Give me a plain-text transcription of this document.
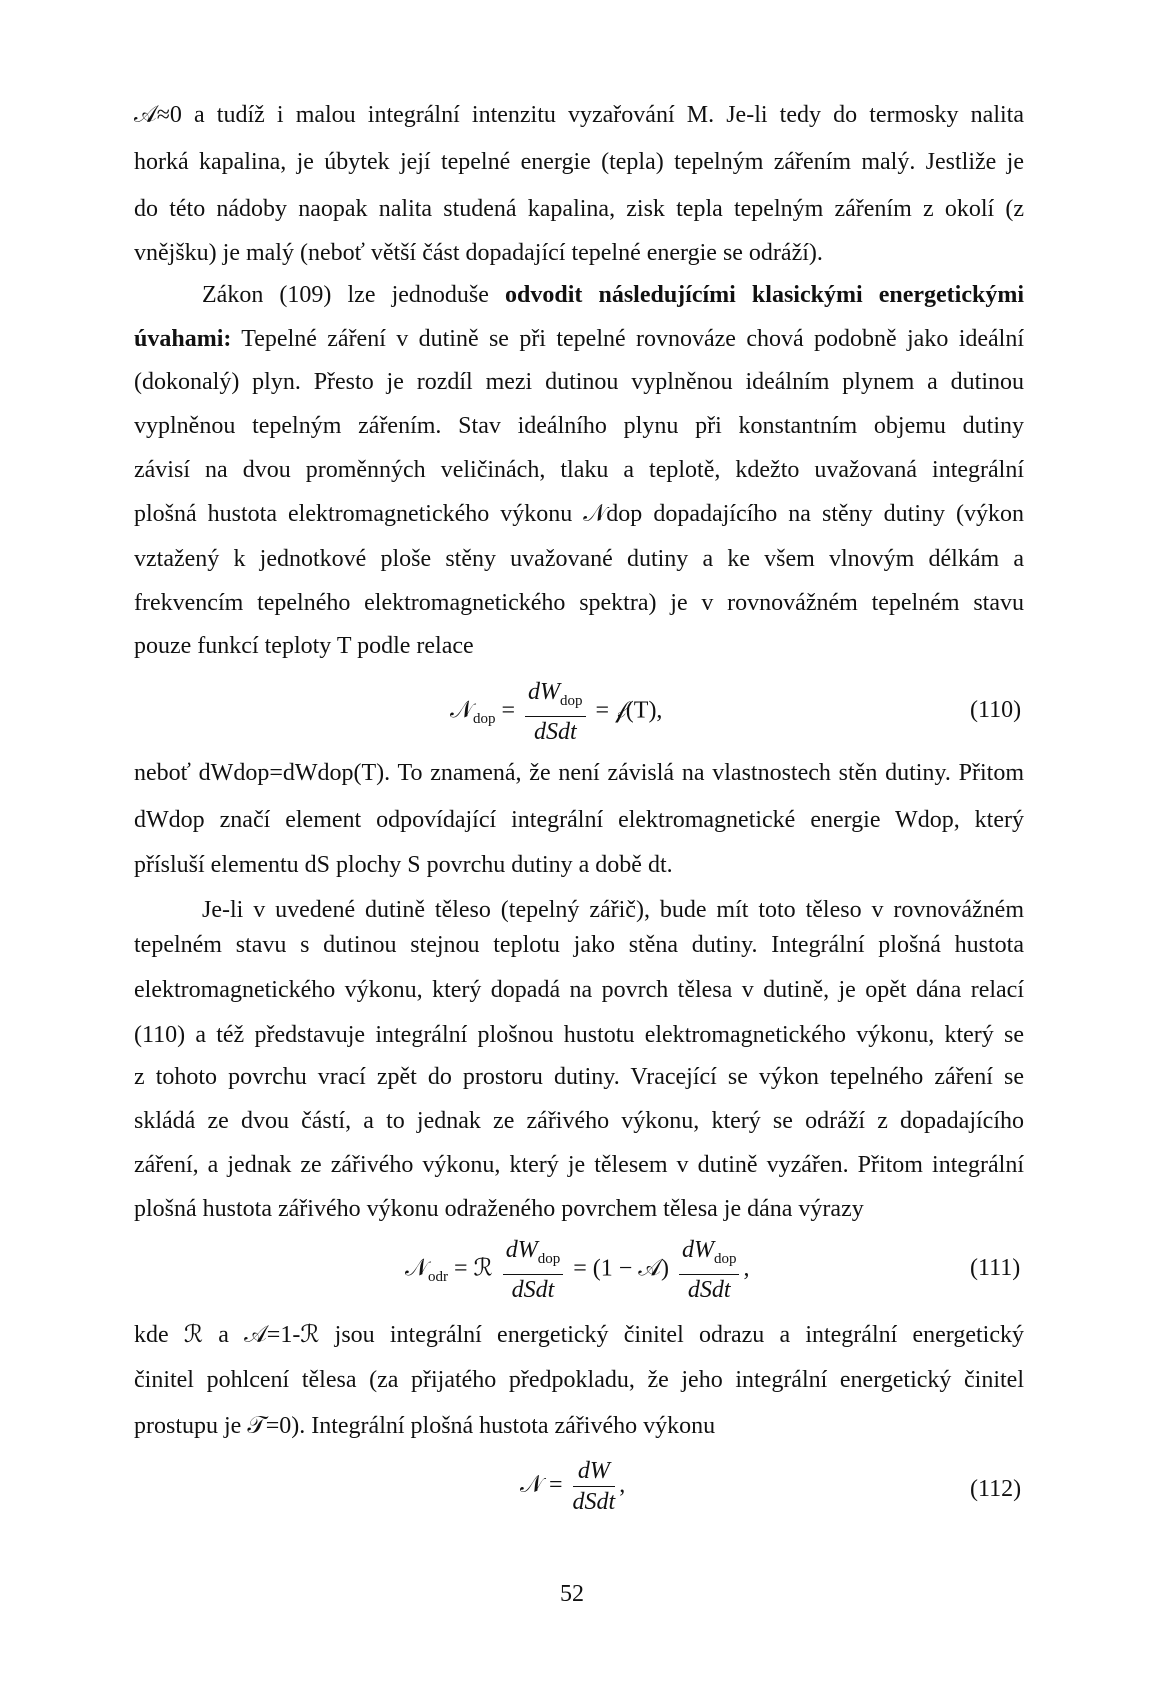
𝒜≈0 a tudíž i malou integrální intenzitu vyzařování M. Je-li tedy do termosky nalita
horká kapalina, je úbytek její tepelné energie (tepla) tepelným zářením malý. Jestliže je
do této nádoby naopak nalita studená kapalina, zisk tepla tepelným zářením z okolí (z
vnějšku) je malý (neboť větší část dopadající tepelné energie se odráží).
Zákon (109) lze jednoduše odvodit následujícími klasickými energetickými
úvahami: Tepelné záření v dutině se při tepelné rovnováze chová podobně jako ideální
(dokonalý) plyn. Přesto je rozdíl mezi dutinou vyplněnou ideálním plynem a dutinou
vyplněnou tepelným zářením. Stav ideálního plynu při konstantním objemu dutiny
závisí na dvou proměnných veličinách, tlaku a teplotě, kdežto uvažovaná integrální
plošná hustota elektromagnetického výkonu 𝒩dop dopadajícího na stěny dutiny (výkon
vztažený k jednotkové ploše stěny uvažované dutiny a ke všem vlnovým délkám a
frekvencím tepelného elektromagnetického spektra) je v rovnovážném tepelném stavu
pouze funkcí teploty T podle relace
𝒩$_{dop}$ = $\frac{dW_{dop}}{\text{dSdt}}$ = 𝒻(T),	(110)
neboť dWdop=dWdop(T). To znamená, že není závislá na vlastnostech stěn dutiny. Přitom
dWdop značí element odpovídající integrální elektromagnetické energie Wdop, který
přísluší elementu dS plochy S povrchu dutiny a době dt.
Je-li v uvedené dutině těleso (tepelný zářič), bude mít toto těleso v rovnovážném
tepelném stavu s dutinou stejnou teplotu jako stěna dutiny. Integrální plošná hustota
elektromagnetického výkonu, který dopadá na povrch tělesa v dutině, je opět dána relací
(110) a též představuje integrální plošnou hustotu elektromagnetického výkonu, který se
z tohoto povrchu vrací zpět do prostoru dutiny. Vracející se výkon tepelného záření se
skládá ze dvou částí, a to jednak ze zářivého výkonu, který se odráží z dopadajícího
záření, a jednak ze zářivého výkonu, který je tělesem v dutině vyzářen. Přitom integrální
plošná hustota zářivého výkonu odraženého povrchem tělesa je dána výrazy
𝒩$_{odr}$ = ℛ $\frac{dW_{dop}}{\text{dSdt}} = (1$ − 𝒜) $\frac{dW_{dop}}{\text{dSdt}}$ ,	(111)
kde ℛ a 𝒜=1-ℛ jsou integrální energetický činitel odrazu a integrální energetický
činitel pohlcení tělesa (za přijatého předpokladu, že jeho integrální energetický činitel
prostupu je 𝒯=0). Integrální plošná hustota zářivého výkonu
𝒩 = $\frac{dW}{\text{dSdt}}$ ,	(112)
52
